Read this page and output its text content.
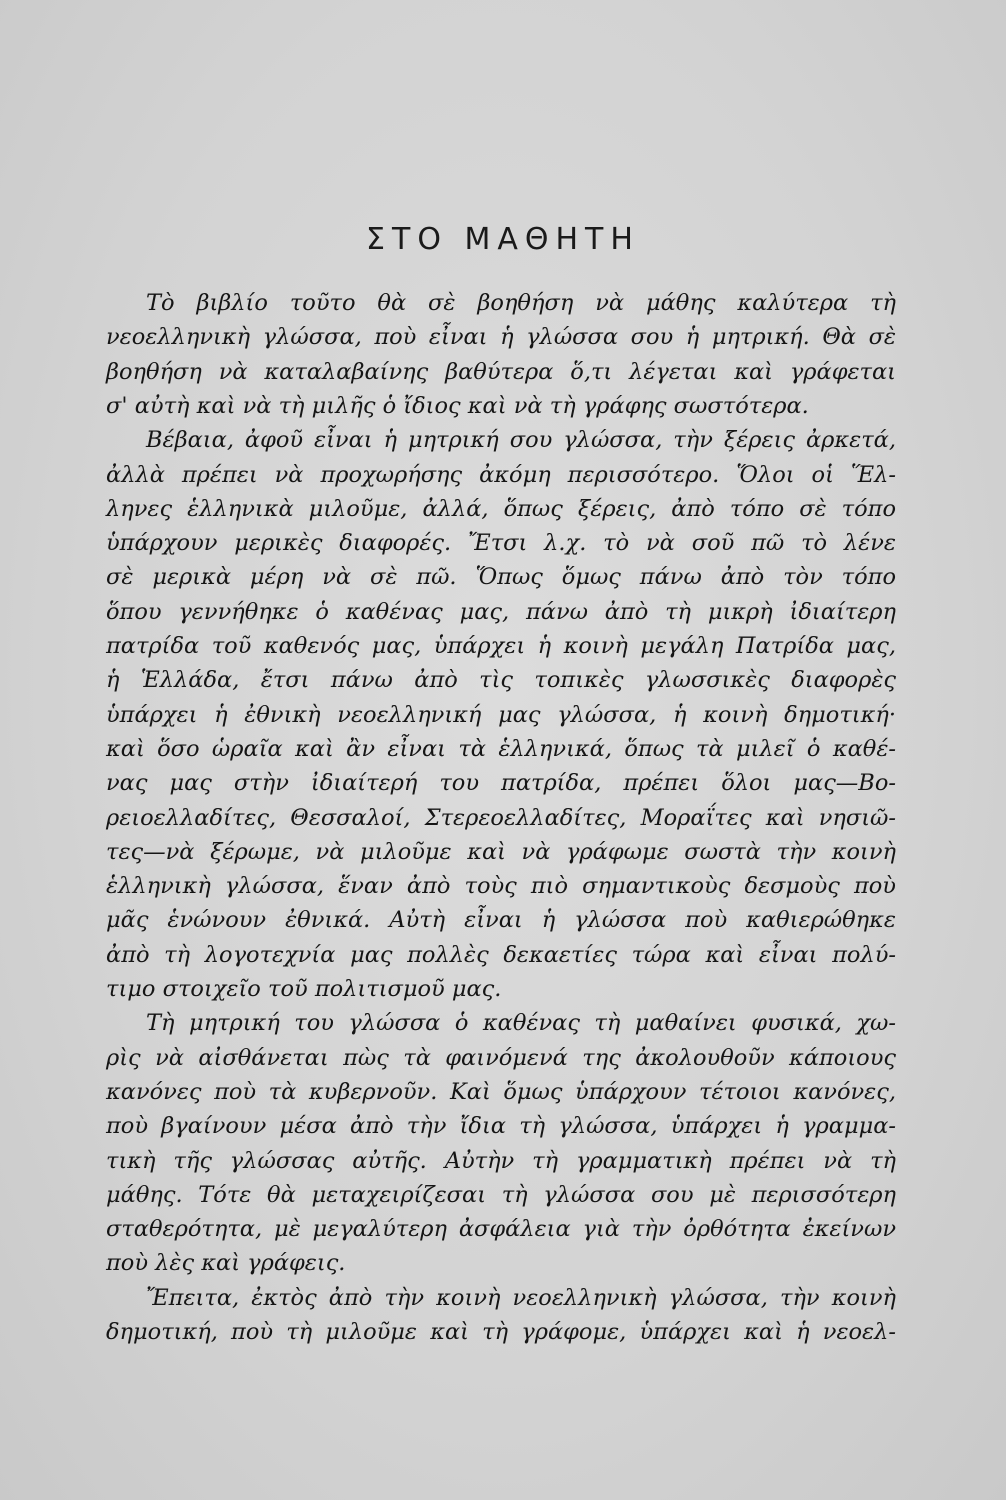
ΣΤΟ ΜΑΘΗΤΗ
Τὸ βιβλίο τοῦτο θὰ σὲ βοηθήση νὰ μάθης καλύτερα τὴ
νεοελληνικὴ γλώσσα, ποὺ εἶναι ἡ γλώσσα σου ἡ μητρική. Θὰ σὲ
βοηθήση νὰ καταλαβαίνης βαθύτερα ὅ,τι λέγεται καὶ γράφεται
σ' αὐτὴ καὶ νὰ τὴ μιλῆς ὁ ἴδιος καὶ νὰ τὴ γράφης σωστότερα.
Βέβαια, ἀφοῦ εἶναι ἡ μητρική σου γλώσσα, τὴν ξέρεις ἀρκετά,
ἀλλὰ πρέπει νὰ προχωρήσης ἀκόμη περισσότερο. Ὅλοι οἱ Ἕλ-
ληνες ἑλληνικὰ μιλοῦμε, ἀλλά, ὅπως ξέρεις, ἀπὸ τόπο σὲ τόπο
ὑπάρχουν μερικὲς διαφορές. Ἔτσι λ.χ. τὸ νὰ σοῦ πῶ τὸ λένε
σὲ μερικὰ μέρη νὰ σὲ πῶ. Ὅπως ὅμως πάνω ἀπὸ τὸν τόπο
ὅπου γεννήθηκε ὁ καθένας μας, πάνω ἀπὸ τὴ μικρὴ ἰδιαίτερη
πατρίδα τοῦ καθενός μας, ὑπάρχει ἡ κοινὴ μεγάλη Πατρίδα μας,
ἡ Ἑλλάδα, ἔτσι πάνω ἀπὸ τὶς τοπικὲς γλωσσικὲς διαφορὲς
ὑπάρχει ἡ ἐθνικὴ νεοελληνική μας γλώσσα, ἡ κοινὴ δημοτική·
καὶ ὅσο ὡραῖα καὶ ἂν εἶναι τὰ ἑλληνικά, ὅπως τὰ μιλεῖ ὁ καθέ-
νας μας στὴν ἰδιαίτερή του πατρίδα, πρέπει ὅλοι μας—Βο-
ρειοελλαδίτες, Θεσσαλοί, Στερεοελλαδίτες, Μοραΐτες καὶ νησιῶ-
τες—νὰ ξέρωμε, νὰ μιλοῦμε καὶ νὰ γράφωμε σωστὰ τὴν κοινὴ
ἑλληνικὴ γλώσσα, ἕναν ἀπὸ τοὺς πιὸ σημαντικοὺς δεσμοὺς ποὺ
μᾶς ἑνώνουν ἐθνικά. Αὐτὴ εἶναι ἡ γλώσσα ποὺ καθιερώθηκε
ἀπὸ τὴ λογοτεχνία μας πολλὲς δεκαετίες τώρα καὶ εἶναι πολύ-
τιμο στοιχεῖο τοῦ πολιτισμοῦ μας.
Τὴ μητρική του γλώσσα ὁ καθένας τὴ μαθαίνει φυσικά, χω-
ρὶς νὰ αἰσθάνεται πὼς τὰ φαινόμενά της ἀκολουθοῦν κάποιους
κανόνες ποὺ τὰ κυβερνοῦν. Καὶ ὅμως ὑπάρχουν τέτοιοι κανόνες,
ποὺ βγαίνουν μέσα ἀπὸ τὴν ἴδια τὴ γλώσσα, ὑπάρχει ἡ γραμμα-
τικὴ τῆς γλώσσας αὐτῆς. Αὐτὴν τὴ γραμματικὴ πρέπει νὰ τὴ
μάθης. Τότε θὰ μεταχειρίζεσαι τὴ γλώσσα σου μὲ περισσότερη
σταθερότητα, μὲ μεγαλύτερη ἀσφάλεια γιὰ τὴν ὀρθότητα ἐκείνων
ποὺ λὲς καὶ γράφεις.
Ἔπειτα, ἐκτὸς ἀπὸ τὴν κοινὴ νεοελληνικὴ γλώσσα, τὴν κοινὴ
δημοτική, ποὺ τὴ μιλοῦμε καὶ τὴ γράφομε, ὑπάρχει καὶ ἡ νεοελ-
